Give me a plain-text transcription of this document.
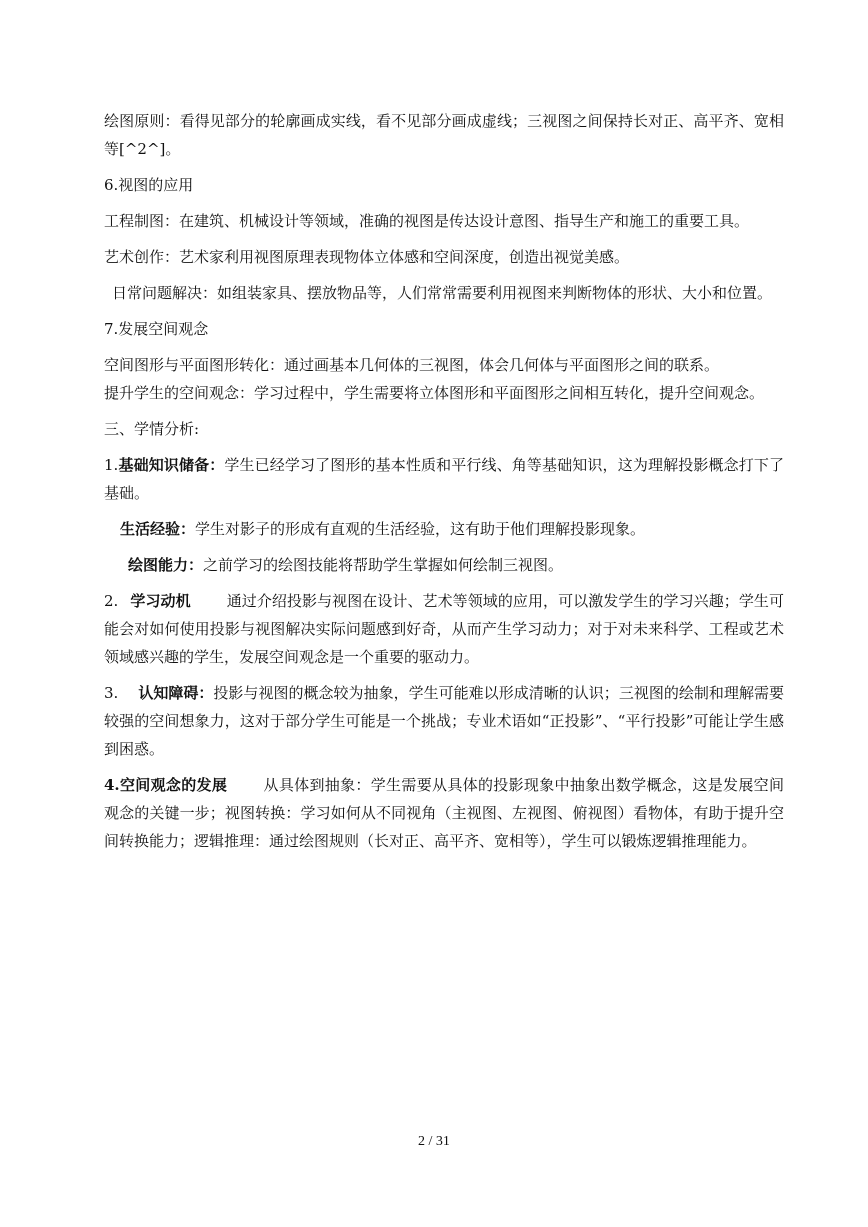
绘图原则：看得见部分的轮廓画成实线，看不见部分画成虚线；三视图之间保持长对正、高平齐、宽相等[^2^]。

6.视图的应用

工程制图：在建筑、机械设计等领域，准确的视图是传达设计意图、指导生产和施工的重要工具。

艺术创作：艺术家利用视图原理表现物体立体感和空间深度，创造出视觉美感。

日常问题解决：如组装家具、摆放物品等，人们常常需要利用视图来判断物体的形状、大小和位置。

7.发展空间观念

空间图形与平面图形转化：通过画基本几何体的三视图，体会几何体与平面图形之间的联系。

提升学生的空间观念：学习过程中，学生需要将立体图形和平面图形之间相互转化，提升空间观念。

三、学情分析:

1.基础知识储备：学生已经学习了图形的基本性质和平行线、角等基础知识，这为理解投影概念打下了基础。

生活经验：学生对影子的形成有直观的生活经验，这有助于他们理解投影现象。

绘图能力：之前学习的绘图技能将帮助学生掌握如何绘制三视图。

2. 学习动机 通过介绍投影与视图在设计、艺术等领域的应用，可以激发学生的学习兴趣；学生可能会对如何使用投影与视图解决实际问题感到好奇，从而产生学习动力；对于对未来科学、工程或艺术领域感兴趣的学生，发展空间观念是一个重要的驱动力。

3. 认知障碍：投影与视图的概念较为抽象，学生可能难以形成清晰的认识；三视图的绘制和理解需要较强的空间想象力，这对于部分学生可能是一个挑战；专业术语如“正投影”、“平行投影”可能让学生感到困惑。

4.空间观念的发展 从具体到抽象：学生需要从具体的投影现象中抽象出数学概念，这是发展空间观念的关键一步；视图转换：学习如何从不同视角（主视图、左视图、俯视图）看物体，有助于提升空间转换能力；逻辑推理：通过绘图规则（长对正、高平齐、宽相等），学生可以锻炼逻辑推理能力。

2 / 31
